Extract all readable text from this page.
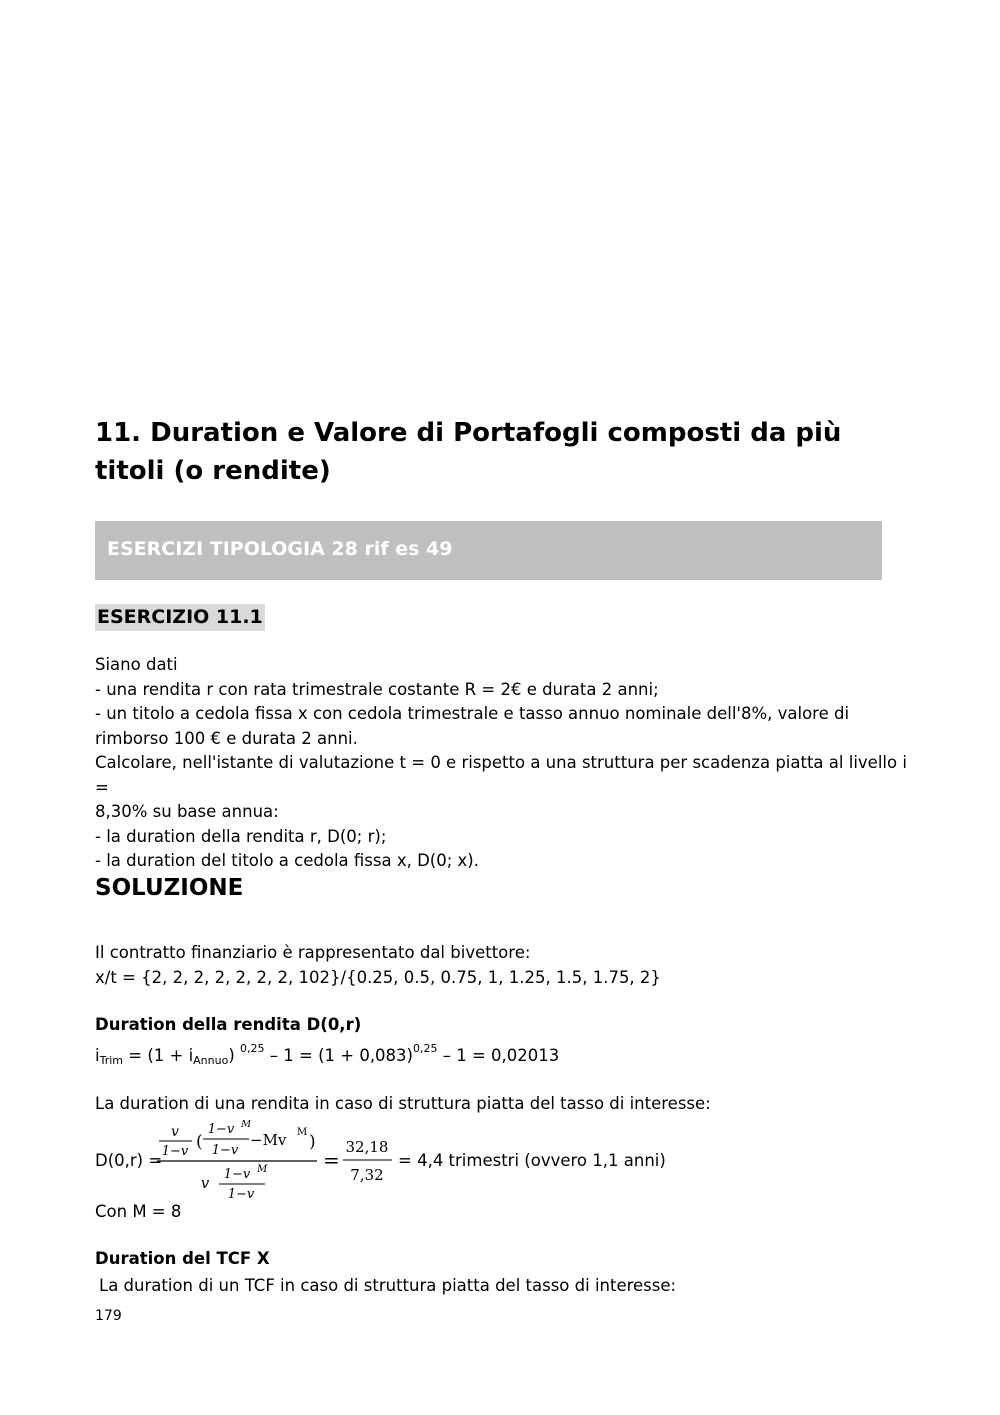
11. Duration e Valore di Portafogli composti da più titoli (o rendite)
ESERCIZI TIPOLOGIA 28 rif es 49
ESERCIZIO 11.1
Siano dati
- una rendita r con rata trimestrale costante R = 2€ e durata 2 anni;
- un titolo a cedola fissa x con cedola trimestrale e tasso annuo nominale dell'8%, valore di
rimborso 100 € e durata 2 anni.
Calcolare, nell'istante di valutazione t = 0 e rispetto a una struttura per scadenza piatta al livello i =
8,30% su base annua:
- la duration della rendita r, D(0; r);
- la duration del titolo a cedola fissa x, D(0; x).
SOLUZIONE
Il contratto finanziario è rappresentato dal bivettore:
x/t = {2, 2, 2, 2, 2, 2, 2, 102}/{0.25, 0.5, 0.75, 1, 1.25, 1.5, 1.75, 2}
Duration della rendita D(0,r)
$i_{Trim} = (1 + i_{Annuo})$ $^{0,25} - 1 = (1 + 0,083)^{0,25} - 1 = 0,02013$
La duration di una rendita in caso di struttura piatta del tasso di interesse:
D(0,r) =
v
1−v (
1−v M
1−v
−Mv M )
v 1−v M
1−v
=
32,18
7,32
= 4,4 trimestri (ovvero 1,1 anni)
Con M = 8
Duration del TCF X
La duration di un TCF in caso di struttura piatta del tasso di interesse:
179
